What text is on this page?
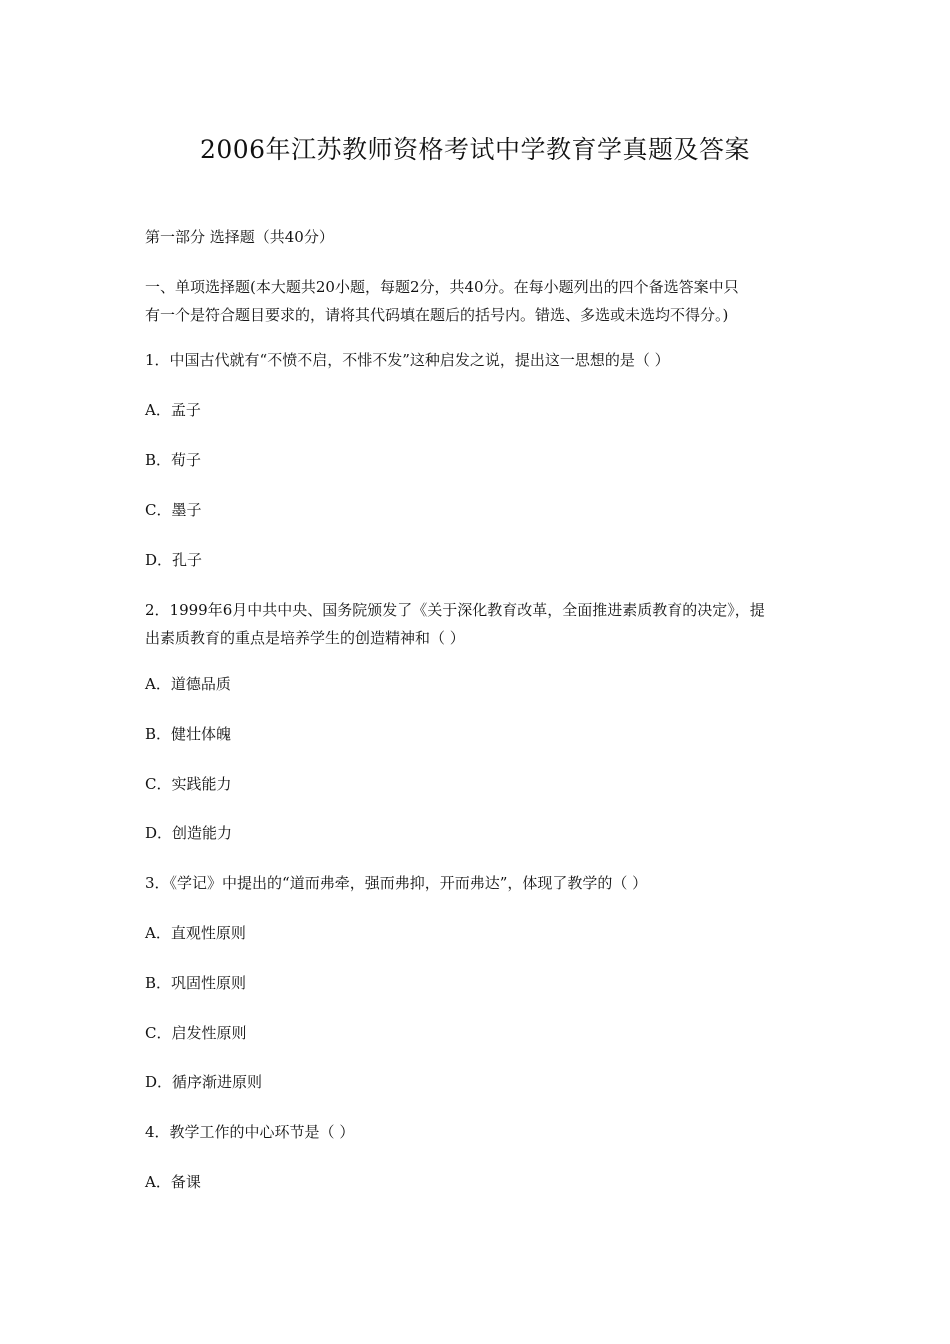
2006年江苏教师资格考试中学教育学真题及答案
第一部分 选择题（共40分）
一、单项选择题(本大题共20小题，每题2分，共40分。在每小题列出的四个备选答案中只
有一个是符合题目要求的，请将其代码填在题后的括号内。错选、多选或未选均不得分。)
1．中国古代就有“不愤不启，不悱不发”这种启发之说，提出这一思想的是（ ）
A．孟子
B．荀子
C．墨子
D．孔子
2．1999年6月中共中央、国务院颁发了《关于深化教育改革，全面推进素质教育的决定》，提
出素质教育的重点是培养学生的创造精神和（ ）
A．道德品质
B．健壮体魄
C．实践能力
D．创造能力
3．《学记》中提出的“道而弗牵，强而弗抑，开而弗达”，体现了教学的（ ）
A．直观性原则
B．巩固性原则
C．启发性原则
D．循序渐进原则
4．教学工作的中心环节是（ ）
A．备课
